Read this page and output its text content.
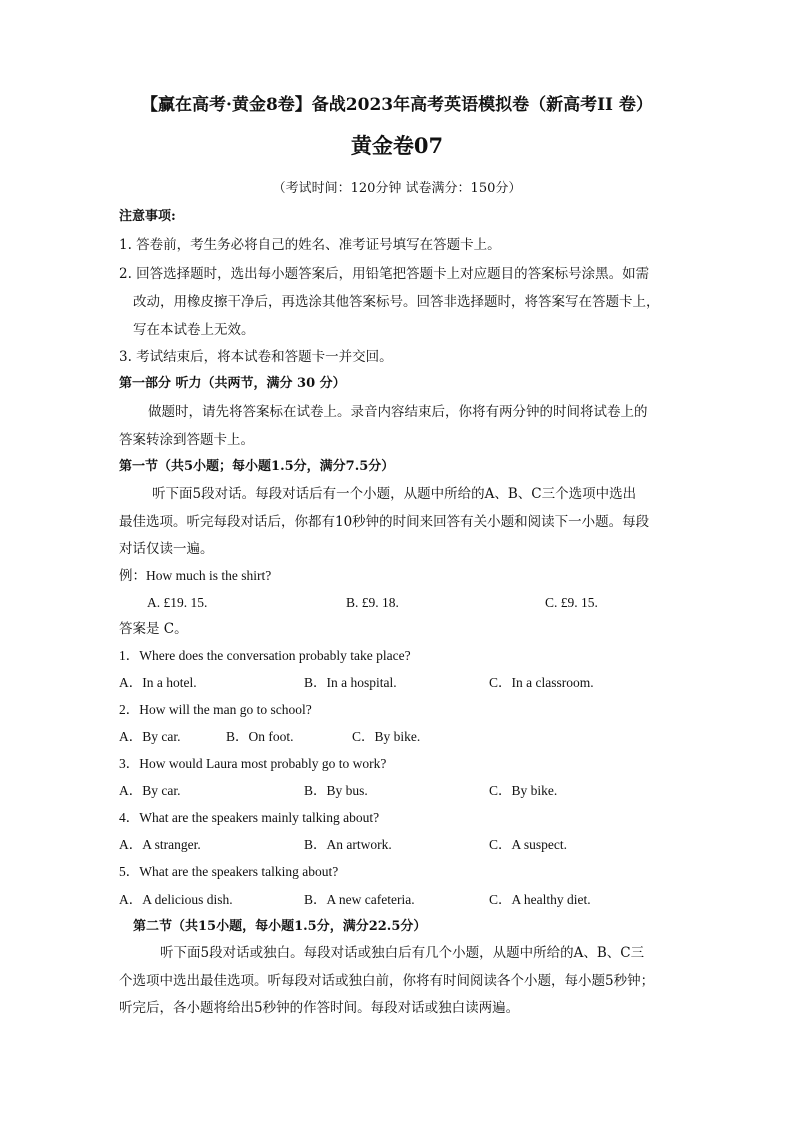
【赢在高考·黄金8卷】备战2023年高考英语模拟卷（新高考II 卷）
黄金卷07
（考试时间：120分钟 试卷满分：150分）
注意事项:
1. 答卷前，考生务必将自己的姓名、准考证号填写在答题卡上。
2. 回答选择题时，选出每小题答案后，用铅笔把答题卡上对应题目的答案标号涂黑。如需
改动，用橡皮擦干净后，再选涂其他答案标号。回答非选择题时，将答案写在答题卡上，
写在本试卷上无效。
3. 考试结束后，将本试卷和答题卡一并交回。
第一部分 听力（共两节，满分 30 分）
做题时，请先将答案标在试卷上。录音内容结束后，你将有两分钟的时间将试卷上的
答案转涂到答题卡上。
第一节（共5小题；每小题1.5分，满分7.5分）
听下面5段对话。每段对话后有一个小题，从题中所给的A、B、C三个选项中选出
最佳选项。听完每段对话后，你都有10秒钟的时间来回答有关小题和阅读下一小题。每段
对话仅读一遍。
例：How much is the shirt?
A. £19. 15.	B. £9. 18.	C. £9. 15.
答案是 C。
1．Where does the conversation probably take place?
A．In a hotel.	B．In a hospital.	C．In a classroom.
2．How will the man go to school?
A．By car.	B．On foot.	C．By bike.
3．How would Laura most probably go to work?
A．By car.	B．By bus.	C．By bike.
4．What are the speakers mainly talking about?
A．A stranger.	B．An artwork.	C．A suspect.
5．What are the speakers talking about?
A．A delicious dish.	B．A new cafeteria.	C．A healthy diet.
第二节（共15小题，每小题1.5分，满分22.5分）
听下面5段对话或独白。每段对话或独白后有几个小题，从题中所给的A、B、C三
个选项中选出最佳选项。听每段对话或独白前，你将有时间阅读各个小题，每小题5秒钟；
听完后，各小题将给出5秒钟的作答时间。每段对话或独白读两遍。
